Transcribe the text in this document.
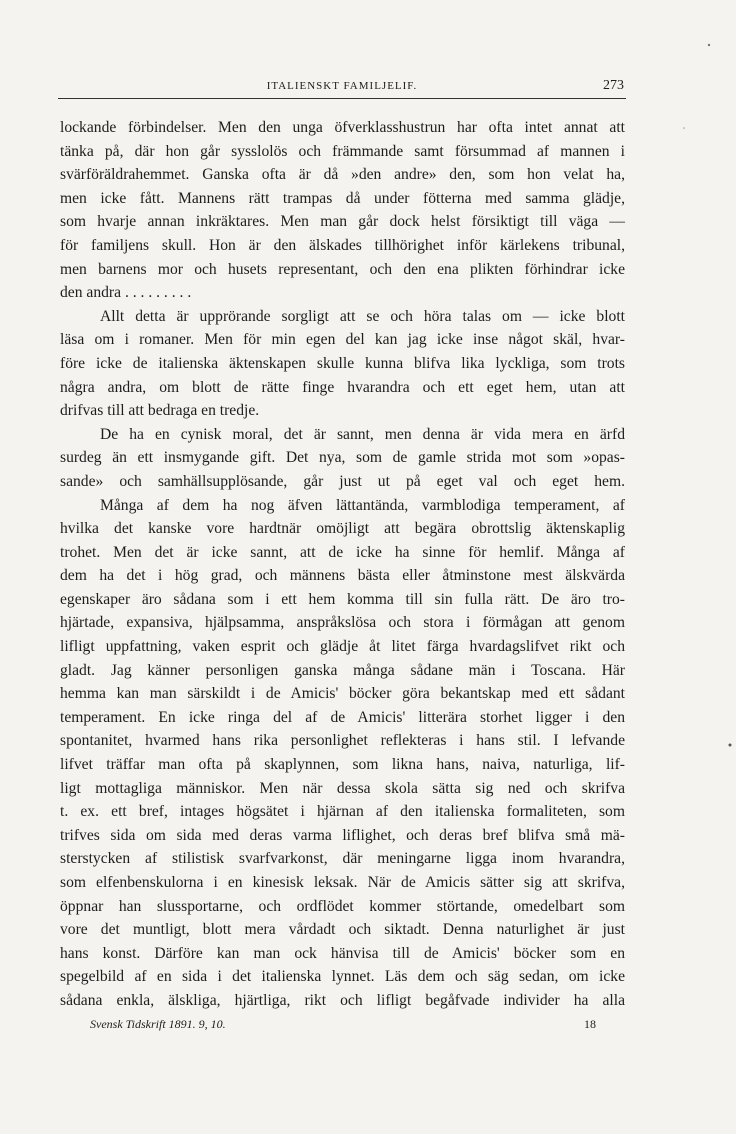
ITALIENSKT FAMILJELIF.	273
lockande förbindelser. Men den unga öfverklasshustrun har ofta intet annat att
tänka på, där hon går sysslolös och främmande samt försummad af mannen i
svärföräldrahemmet. Ganska ofta är då »den andre» den, som hon velat ha,
men icke fått. Mannens rätt trampas då under fötterna med samma glädje,
som hvarje annan inkräktares. Men man går dock helst försiktigt till väga —
för familjens skull. Hon är den älskades tillhörighet inför kärlekens tribunal,
men barnens mor och husets representant, och den ena plikten förhindrar icke
den andra . . . . . . . . .
Allt detta är upprörande sorgligt att se och höra talas om — icke blott
läsa om i romaner. Men för min egen del kan jag icke inse något skäl, hvar-
före icke de italienska äktenskapen skulle kunna blifva lika lyckliga, som trots
några andra, om blott de rätte finge hvarandra och ett eget hem, utan att
drifvas till att bedraga en tredje.
De ha en cynisk moral, det är sannt, men denna är vida mera en ärfd
surdeg än ett insmygande gift. Det nya, som de gamle strida mot som »opas-
sande» och samhällsupplösande, går just ut på eget val och eget hem.
Många af dem ha nog äfven lättantända, varmblodiga temperament, af
hvilka det kanske vore hardtnär omöjligt att begära obrottslig äktenskaplig
trohet. Men det är icke sannt, att de icke ha sinne för hemlif. Många af
dem ha det i hög grad, och männens bästa eller åtminstone mest älskvärda
egenskaper äro sådana som i ett hem komma till sin fulla rätt. De äro tro-
hjärtade, expansiva, hjälpsamma, anspråkslösa och stora i förmågan att genom
lifligt uppfattning, vaken esprit och glädje åt litet färga hvardagslifvet rikt och
gladt. Jag känner personligen ganska många sådane män i Toscana. Här
hemma kan man särskildt i de Amicis' böcker göra bekantskap med ett sådant
temperament. En icke ringa del af de Amicis' litterära storhet ligger i den
spontanitet, hvarmed hans rika personlighet reflekteras i hans stil. I lefvande
lifvet träffar man ofta på skaplynnen, som likna hans, naiva, naturliga, lif-
ligt mottagliga människor. Men när dessa skola sätta sig ned och skrifva
t. ex. ett bref, intages högsätet i hjärnan af den italienska formaliteten, som
trifves sida om sida med deras varma liflighet, och deras bref blifva små mä-
sterstycken af stilistisk svarfvarkonst, där meningarne ligga inom hvarandra,
som elfenbenskulorna i en kinesisk leksak. När de Amicis sätter sig att skrifva,
öppnar han slussportarne, och ordflödet kommer störtande, omedelbart som
vore det muntligt, blott mera vårdadt och siktadt. Denna naturlighet är just
hans konst. Därföre kan man ock hänvisa till de Amicis' böcker som en
spegelbild af en sida i det italienska lynnet. Läs dem och säg sedan, om icke
sådana enkla, älskliga, hjärtliga, rikt och lifligt begåfvade individer ha alla
Svensk Tidskrift 1891. 9, 10.	18
